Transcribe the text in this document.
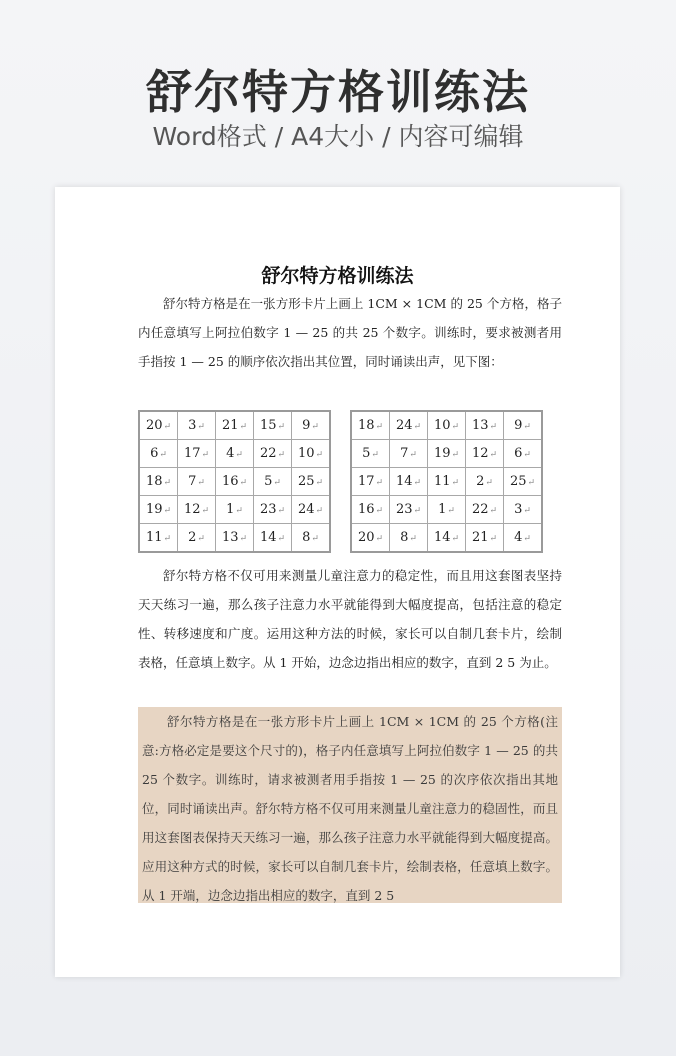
舒尔特方格训练法
Word格式 / A4大小 / 内容可编辑
舒尔特方格训练法

舒尔特方格是在一张方形卡片上画上 1CM × 1CM 的 25 个方格，格子内任意填写上阿拉伯数字 1 — 25 的共 25 个数字。训练时，要求被测者用手指按 1 — 25 的顺序依次指出其位置，同时诵读出声，见下图：

20↵	3↵	21↵	15↵	9↵
6↵	17↵	4↵	22↵	10↵
18↵	7↵	16↵	5↵	25↵
19↵	12↵	1↵	23↵	24↵
11↵	2↵	13↵	14↵	8↵
18↵	24↵	10↵	13↵	9↵
5↵	7↵	19↵	12↵	6↵
17↵	14↵	11↵	2↵	25↵
16↵	23↵	1↵	22↵	3↵
20↵	8↵	14↵	21↵	4↵

舒尔特方格不仅可用来测量儿童注意力的稳定性，而且用这套图表坚持天天练习一遍，那么孩子注意力水平就能得到大幅度提高，包括注意的稳定性、转移速度和广度。运用这种方法的时候，家长可以自制几套卡片，绘制表格，任意填上数字。从 1 开始，边念边指出相应的数字，直到 2 5 为止。

舒尔特方格是在一张方形卡片上画上 1CM × 1CM 的 25 个方格(注意:方格必定是要这个尺寸的)，格子内任意填写上阿拉伯数字 1 — 25 的共 25 个数字。训练时，请求被测者用手指按 1 — 25 的次序依次指出其地位，同时诵读出声。舒尔特方格不仅可用来测量儿童注意力的稳固性，而且用这套图表保持天天练习一遍，那么孩子注意力水平就能得到大幅度提高。应用这种方式的时候，家长可以自制几套卡片，绘制表格，任意填上数字。从 1 开端，边念边指出相应的数字，直到 2 5
